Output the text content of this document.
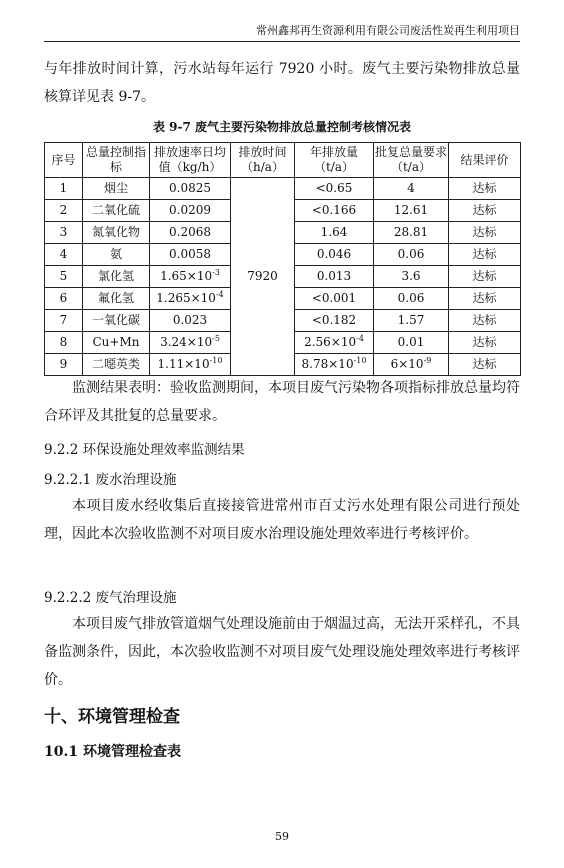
常州鑫邦再生资源利用有限公司废活性炭再生利用项目
与年排放时间计算，污水站每年运行 7920 小时。废气主要污染物排放总量核算详见表 9-7。
表 9-7 废气主要污染物排放总量控制考核情况表
序号	总量控制指标	排放速率日均值（kg/h）	排放时间（h/a）	年排放量（t/a）	批复总量要求（t/a）	结果评价
1	烟尘	0.0825	7920	<0.65	4	达标
2	二氧化硫	0.0209		<0.166	12.61	达标
3	氮氧化物	0.2068		1.64	28.81	达标
4	氨	0.0058		0.046	0.06	达标
5	氯化氢	$1.65\times 10^{-3}$		0.013	3.6	达标
6	氟化氢	$1.265\times 10^{-4}$		<0.001	0.06	达标
7	一氧化碳	0.023		<0.182	1.57	达标
8	Cu+Mn	$3.24\times 10^{-5}$		$2.56\times 10^{-4}$	0.01	达标
9	二噁英类	$1.11\times 10^{-10}$		$8.78\times 10^{-10}$	$6\times 10^{-9}$	达标
监测结果表明：验收监测期间，本项目废气污染物各项指标排放总量均符合环评及其批复的总量要求。
9.2.2 环保设施处理效率监测结果
9.2.2.1 废水治理设施
本项目废水经收集后直接接管进常州市百丈污水处理有限公司进行预处理，因此本次验收监测不对项目废水治理设施处理效率进行考核评价。
9.2.2.2 废气治理设施
本项目废气排放管道烟气处理设施前由于烟温过高，无法开采样孔，不具备监测条件，因此，本次验收监测不对项目废气处理设施处理效率进行考核评价。
十、环境管理检查
10.1 环境管理检查表
59
